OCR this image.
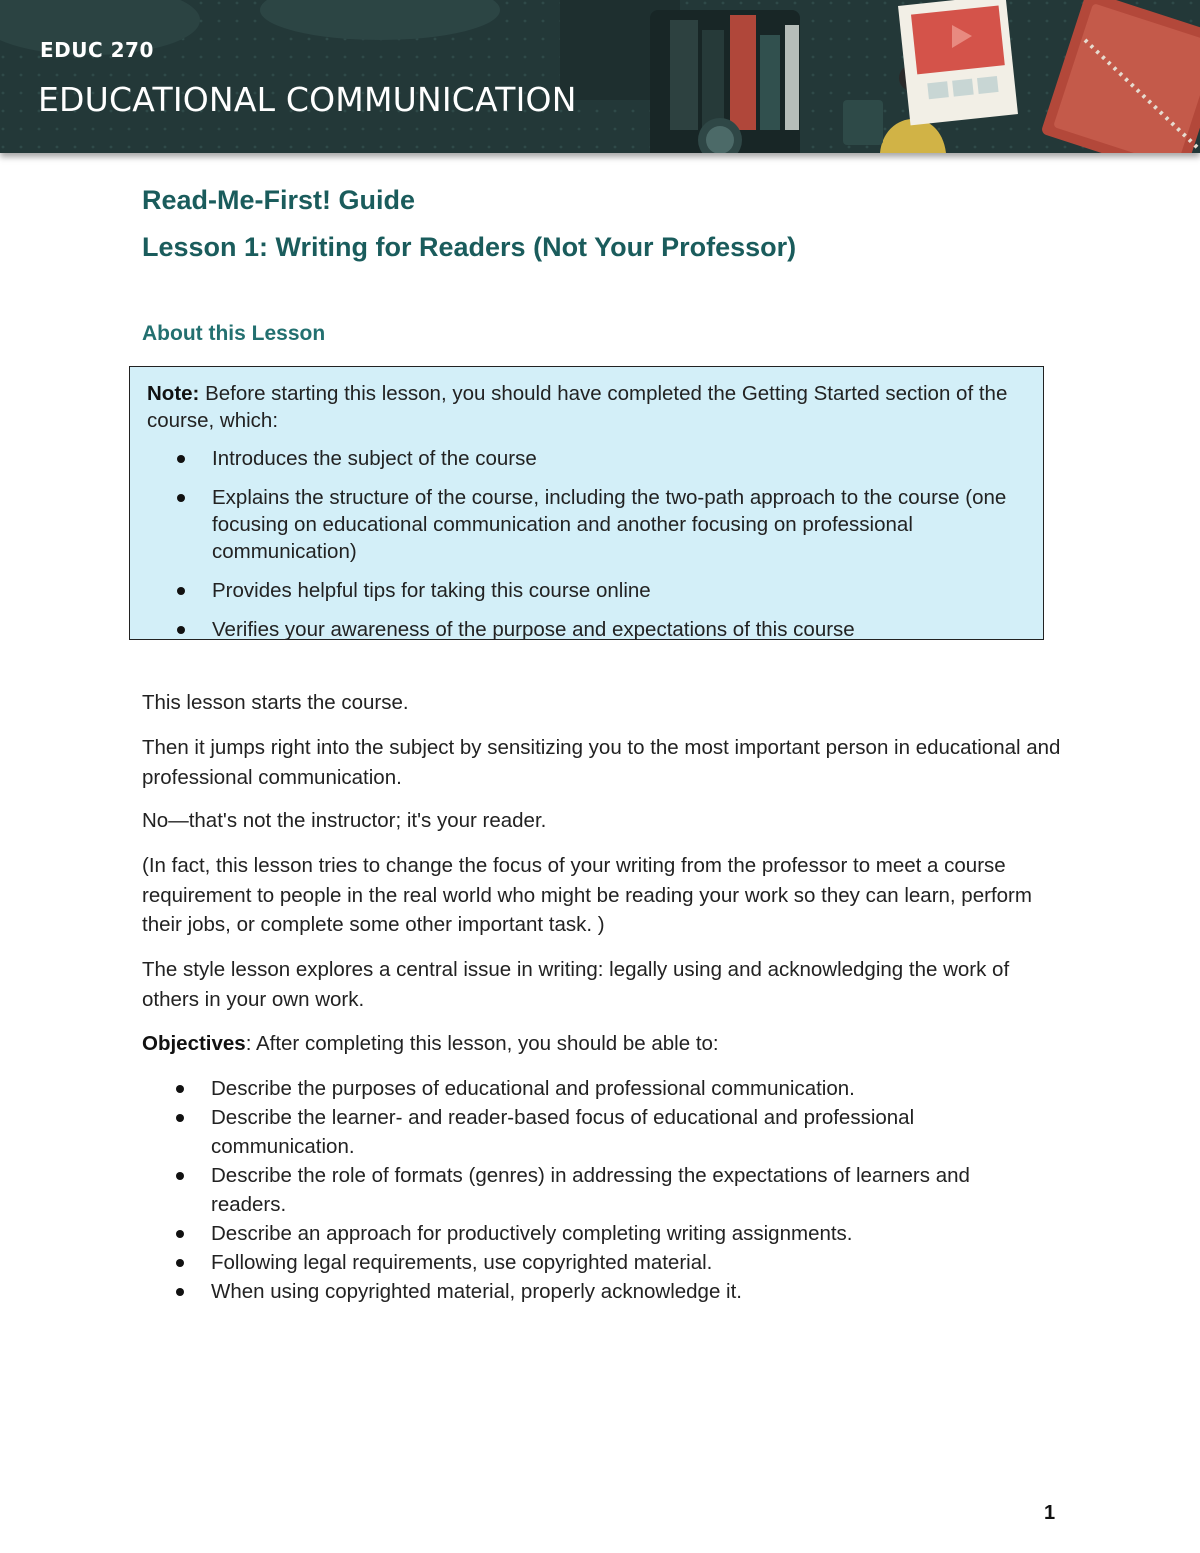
EDUC 270
EDUCATIONAL COMMUNICATION
Read-Me-First! Guide
Lesson 1: Writing for Readers (Not Your Professor)
About this Lesson
Note: Before starting this lesson, you should have completed the Getting Started section of the course, which:
Introduces the subject of the course
Explains the structure of the course, including the two-path approach to the course (one focusing on educational communication and another focusing on professional communication)
Provides helpful tips for taking this course online
Verifies your awareness of the purpose and expectations of this course

This lesson starts the course.

Then it jumps right into the subject by sensitizing you to the most important person in educational and professional communication.

No—that's not the instructor; it's your reader.

(In fact, this lesson tries to change the focus of your writing from the professor to meet a course requirement to people in the real world who might be reading your work so they can learn, perform their jobs, or complete some other important task. )

The style lesson explores a central issue in writing: legally using and acknowledging the work of others in your own work.

Objectives: After completing this lesson, you should be able to:

Describe the purposes of educational and professional communication.
Describe the learner- and reader-based focus of educational and professional communication.
Describe the role of formats (genres) in addressing the expectations of learners and readers.
Describe an approach for productively completing writing assignments.
Following legal requirements, use copyrighted material.
When using copyrighted material, properly acknowledge it.
1
